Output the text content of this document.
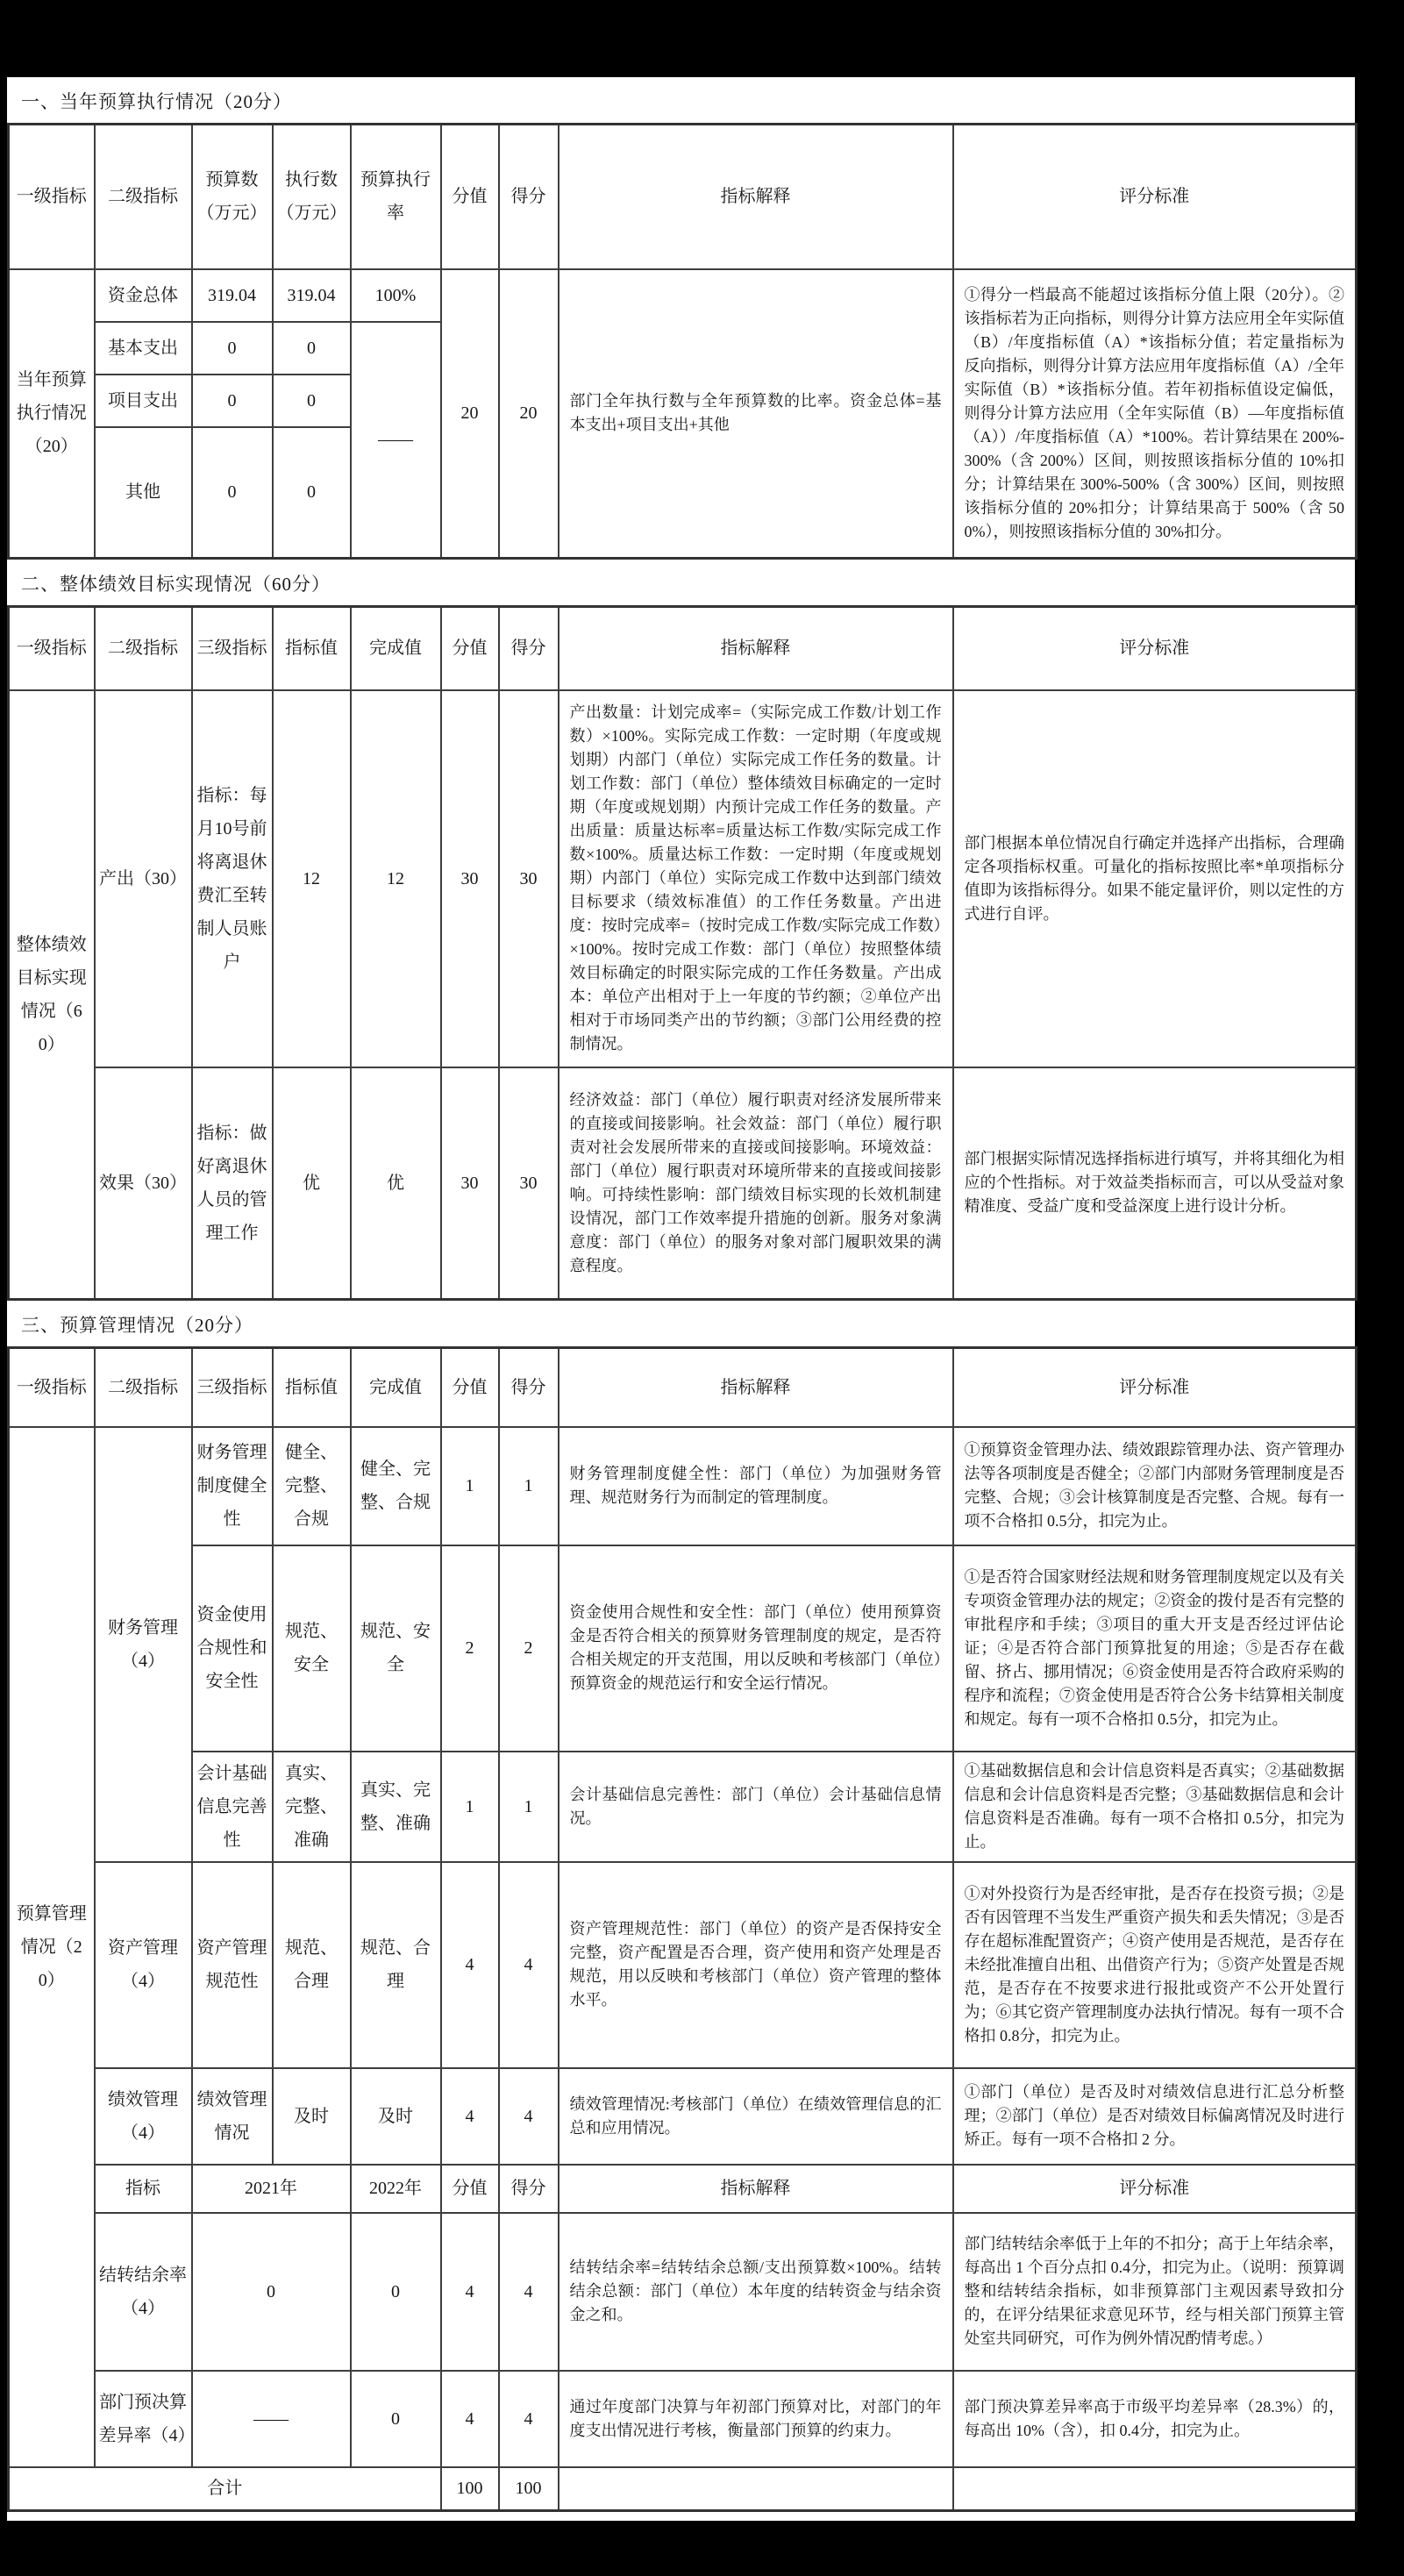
一、当年预算执行情况（20分）
一级指标	二级指标	预算数（万元）	执行数（万元）	预算执行率	分值	得分	指标解释	评分标准
当年预算执行情况（20）	资金总体	319.04	319.04	100%	20	20	部门全年执行数与全年预算数的比率。资金总体=基本支出+项目支出+其他	①得分一档最高不能超过该指标分值上限（20分）。②该指标若为正向指标，则得分计算方法应用全年实际值（B）/年度指标值（A）*该指标分值；若定量指标为反向指标，则得分计算方法应用年度指标值（A）/全年实际值（B）*该指标分值。若年初指标值设定偏低，则得分计算方法应用（全年实际值（B）—年度指标值（A））/年度指标值（A）*100%。若计算结果在 200%-300%（含 200%）区间，则按照该指标分值的 10%扣分；计算结果在 300%-500%（含 300%）区间，则按照该指标分值的 20%扣分；计算结果高于 500%（含 500%），则按照该指标分值的 30%扣分。
	基本支出	0	0	——				
	项目支出	0	0					
	其他	0	0					
二、整体绩效目标实现情况（60分）
一级指标	二级指标	三级指标	指标值	完成值	分值	得分	指标解释	评分标准
整体绩效目标实现情况（60）	产出（30）	指标：每月10号前将离退休费汇至转制人员账户	12	12	30	30	产出数量：计划完成率=（实际完成工作数/计划工作数）×100%。实际完成工作数：一定时期（年度或规划期）内部门（单位）实际完成工作任务的数量。计划工作数：部门（单位）整体绩效目标确定的一定时期（年度或规划期）内预计完成工作任务的数量。产出质量：质量达标率=质量达标工作数/实际完成工作数×100%。质量达标工作数：一定时期（年度或规划期）内部门（单位）实际完成工作数中达到部门绩效目标要求（绩效标准值）的工作任务数量。产出进度：按时完成率=（按时完成工作数/实际完成工作数）×100%。按时完成工作数：部门（单位）按照整体绩效目标确定的时限实际完成的工作任务数量。产出成本：单位产出相对于上一年度的节约额；②单位产出相对于市场同类产出的节约额；③部门公用经费的控制情况。	部门根据本单位情况自行确定并选择产出指标，合理确定各项指标权重。可量化的指标按照比率*单项指标分值即为该指标得分。如果不能定量评价，则以定性的方式进行自评。
	效果（30）	指标：做好离退休人员的管理工作	优	优	30	30	经济效益：部门（单位）履行职责对经济发展所带来的直接或间接影响。社会效益：部门（单位）履行职责对社会发展所带来的直接或间接影响。环境效益：部门（单位）履行职责对环境所带来的直接或间接影响。可持续性影响：部门绩效目标实现的长效机制建设情况，部门工作效率提升措施的创新。服务对象满意度：部门（单位）的服务对象对部门履职效果的满意程度。	部门根据实际情况选择指标进行填写，并将其细化为相应的个性指标。对于效益类指标而言，可以从受益对象精准度、受益广度和受益深度上进行设计分析。
三、预算管理情况（20分）
一级指标	二级指标	三级指标	指标值	完成值	分值	得分	指标解释	评分标准
预算管理情况（20）	财务管理（4）	财务管理制度健全性	健全、完整、合规	健全、完整、合规	1	1	财务管理制度健全性：部门（单位）为加强财务管理、规范财务行为而制定的管理制度。	①预算资金管理办法、绩效跟踪管理办法、资产管理办法等各项制度是否健全；②部门内部财务管理制度是否完整、合规；③会计核算制度是否完整、合规。每有一项不合格扣 0.5分，扣完为止。
		资金使用合规性和安全性	规范、安全	规范、安全	2	2	资金使用合规性和安全性：部门（单位）使用预算资金是否符合相关的预算财务管理制度的规定，是否符合相关规定的开支范围，用以反映和考核部门（单位）预算资金的规范运行和安全运行情况。	①是否符合国家财经法规和财务管理制度规定以及有关专项资金管理办法的规定；②资金的拨付是否有完整的审批程序和手续；③项目的重大开支是否经过评估论证；④是否符合部门预算批复的用途；⑤是否存在截留、挤占、挪用情况；⑥资金使用是否符合政府采购的程序和流程；⑦资金使用是否符合公务卡结算相关制度和规定。每有一项不合格扣 0.5分，扣完为止。
		会计基础信息完善性	真实、完整、准确	真实、完整、准确	1	1	会计基础信息完善性：部门（单位）会计基础信息情况。	①基础数据信息和会计信息资料是否真实；②基础数据信息和会计信息资料是否完整；③基础数据信息和会计信息资料是否准确。每有一项不合格扣 0.5分，扣完为止。
	资产管理（4）	资产管理规范性	规范、合理	规范、合理	4	4	资产管理规范性：部门（单位）的资产是否保持安全完整，资产配置是否合理，资产使用和资产处理是否规范，用以反映和考核部门（单位）资产管理的整体水平。	①对外投资行为是否经审批，是否存在投资亏损；②是否有因管理不当发生严重资产损失和丢失情况；③是否存在超标准配置资产；④资产使用是否规范，是否存在未经批准擅自出租、出借资产行为；⑤资产处置是否规范，是否存在不按要求进行报批或资产不公开处置行为；⑥其它资产管理制度办法执行情况。每有一项不合格扣 0.8分，扣完为止。
	绩效管理（4）	绩效管理情况	及时	及时	4	4	绩效管理情况:考核部门（单位）在绩效管理信息的汇总和应用情况。	①部门（单位）是否及时对绩效信息进行汇总分析整理；②部门（单位）是否对绩效目标偏离情况及时进行矫正。每有一项不合格扣 2 分。
	指标	2021年		2022年	分值	得分	指标解释	评分标准
	结转结余率（4）	0		0	4	4	结转结余率=结转结余总额/支出预算数×100%。结转结余总额：部门（单位）本年度的结转资金与结余资金之和。	部门结转结余率低于上年的不扣分；高于上年结余率，每高出 1 个百分点扣 0.4分，扣完为止。（说明：预算调整和结转结余指标，如非预算部门主观因素导致扣分的，在评分结果征求意见环节，经与相关部门预算主管处室共同研究，可作为例外情况酌情考虑。）
	部门预决算差异率（4）	——		0	4	4	通过年度部门决算与年初部门预算对比，对部门的年度支出情况进行考核，衡量部门预算的约束力。	部门预决算差异率高于市级平均差异率（28.3%）的，每高出 10%（含），扣 0.4分，扣完为止。
合计					100	100		
